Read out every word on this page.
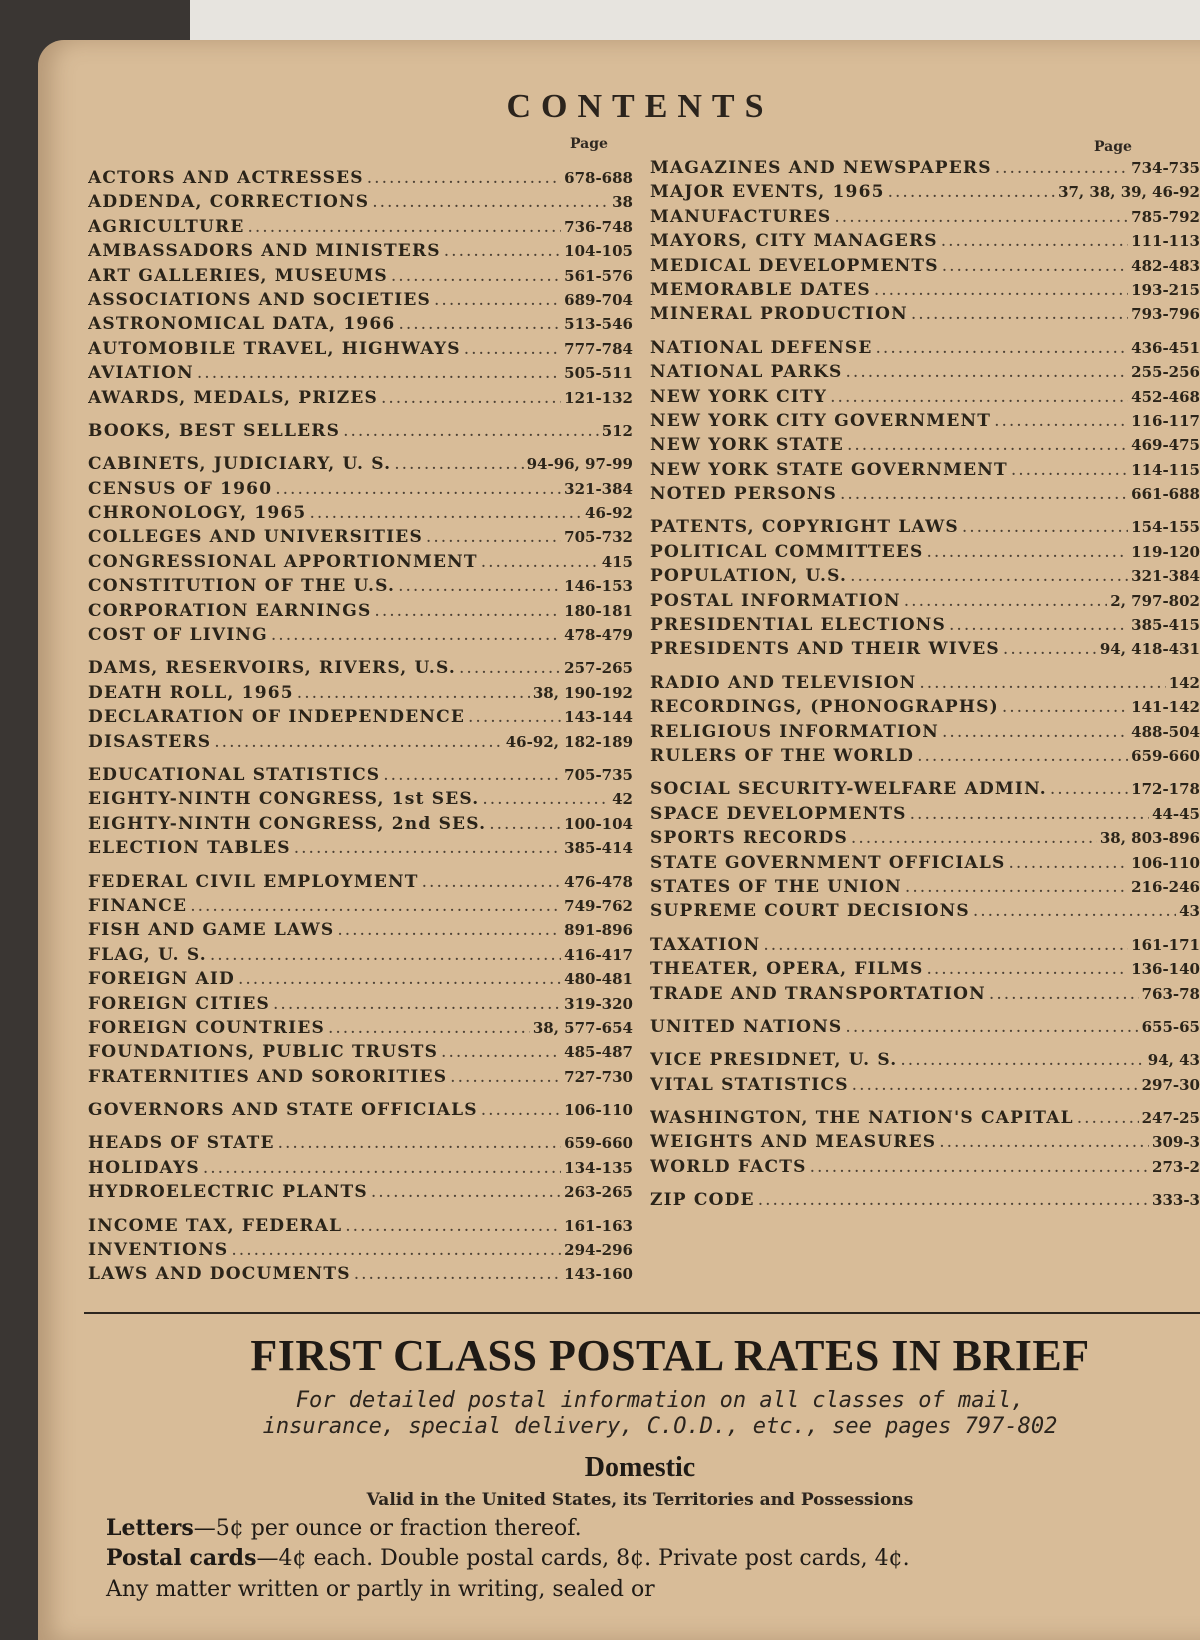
CONTENTS
Page	Page
ACTORS AND ACTRESSES .....	678-688
ADDENDA, CORRECTIONS .....	38
AGRICULTURE .....	736-748
AMBASSADORS AND MINISTERS .....	104-105
ART GALLERIES, MUSEUMS .....	561-576
ASSOCIATIONS AND SOCIETIES .....	689-704
ASTRONOMICAL DATA, 1966 .....	513-546
AUTOMOBILE TRAVEL, HIGHWAYS .....	777-784
AVIATION .....	505-511
AWARDS, MEDALS, PRIZES .....	121-132
BOOKS, BEST SELLERS .....	512
CABINETS, JUDICIARY, U. S. .....	94-96, 97-99
CENSUS OF 1960 .....	321-384
CHRONOLOGY, 1965 .....	46-92
COLLEGES AND UNIVERSITIES .....	705-732
CONGRESSIONAL APPORTIONMENT .....	415
CONSTITUTION OF THE U.S. .....	146-153
CORPORATION EARNINGS .....	180-181
COST OF LIVING .....	478-479
DAMS, RESERVOIRS, RIVERS, U.S. .....	257-265
DEATH ROLL, 1965 .....	38, 190-192
DECLARATION OF INDEPENDENCE .....	143-144
DISASTERS .....	46-92, 182-189
EDUCATIONAL STATISTICS .....	705-735
EIGHTY-NINTH CONGRESS, 1st SES. .....	42
EIGHTY-NINTH CONGRESS, 2nd SES. .....	100-104
ELECTION TABLES .....	385-414
FEDERAL CIVIL EMPLOYMENT .....	476-478
FINANCE .....	749-762
FISH AND GAME LAWS .....	891-896
FLAG, U. S. .....	416-417
FOREIGN AID .....	480-481
FOREIGN CITIES .....	319-320
FOREIGN COUNTRIES .....	38, 577-654
FOUNDATIONS, PUBLIC TRUSTS .....	485-487
FRATERNITIES AND SORORITIES .....	727-730
GOVERNORS AND STATE OFFICIALS .....	106-110
HEADS OF STATE .....	659-660
HOLIDAYS .....	134-135
HYDROELECTRIC PLANTS .....	263-265
INCOME TAX, FEDERAL .....	161-163
INVENTIONS .....	294-296
LAWS AND DOCUMENTS .....	143-160
MAGAZINES AND NEWSPAPERS .....	734-735
MAJOR EVENTS, 1965 .....	37, 38, 39, 46-92
MANUFACTURES .....	785-792
MAYORS, CITY MANAGERS .....	111-113
MEDICAL DEVELOPMENTS .....	482-483
MEMORABLE DATES .....	193-215
MINERAL PRODUCTION .....	793-796
NATIONAL DEFENSE .....	436-451
NATIONAL PARKS .....	255-256
NEW YORK CITY .....	452-468
NEW YORK CITY GOVERNMENT .....	116-117
NEW YORK STATE .....	469-475
NEW YORK STATE GOVERNMENT .....	114-115
NOTED PERSONS .....	661-688
PATENTS, COPYRIGHT LAWS .....	154-155
POLITICAL COMMITTEES .....	119-120
POPULATION, U.S. .....	321-384
POSTAL INFORMATION .....	2, 797-802
PRESIDENTIAL ELECTIONS .....	385-415
PRESIDENTS AND THEIR WIVES .....	94, 418-431
RADIO AND TELEVISION .....	142
RECORDINGS, (PHONOGRAPHS) .....	141-142
RELIGIOUS INFORMATION .....	488-504
RULERS OF THE WORLD .....	659-660
SOCIAL SECURITY-WELFARE ADMIN. .....	172-178
SPACE DEVELOPMENTS .....	44-45
SPORTS RECORDS .....	38, 803-896
STATE GOVERNMENT OFFICIALS .....	106-110
STATES OF THE UNION .....	216-246
SUPREME COURT DECISIONS .....	43
TAXATION .....	161-171
THEATER, OPERA, FILMS .....	136-140
TRADE AND TRANSPORTATION .....	763-78
UNITED NATIONS .....	655-65
VICE PRESIDNET, U. S. .....	94, 43
VITAL STATISTICS .....	297-30
WASHINGTON, THE NATION'S CAPITAL .....	247-25
WEIGHTS AND MEASURES .....	309-3
WORLD FACTS .....	273-2
ZIP CODE .....	333-3
FIRST CLASS POSTAL RATES IN BRIEF
For detailed postal information on all classes of mail,
insurance, special delivery, C.O.D., etc., see pages 797-802
Domestic
Valid in the United States, its Territories and Possessions
Letters—5¢ per ounce or fraction thereof.
Postal cards—4¢ each. Double postal cards, 8¢. Private post cards, 4¢.
Any matter written or partly in writing, sealed or
